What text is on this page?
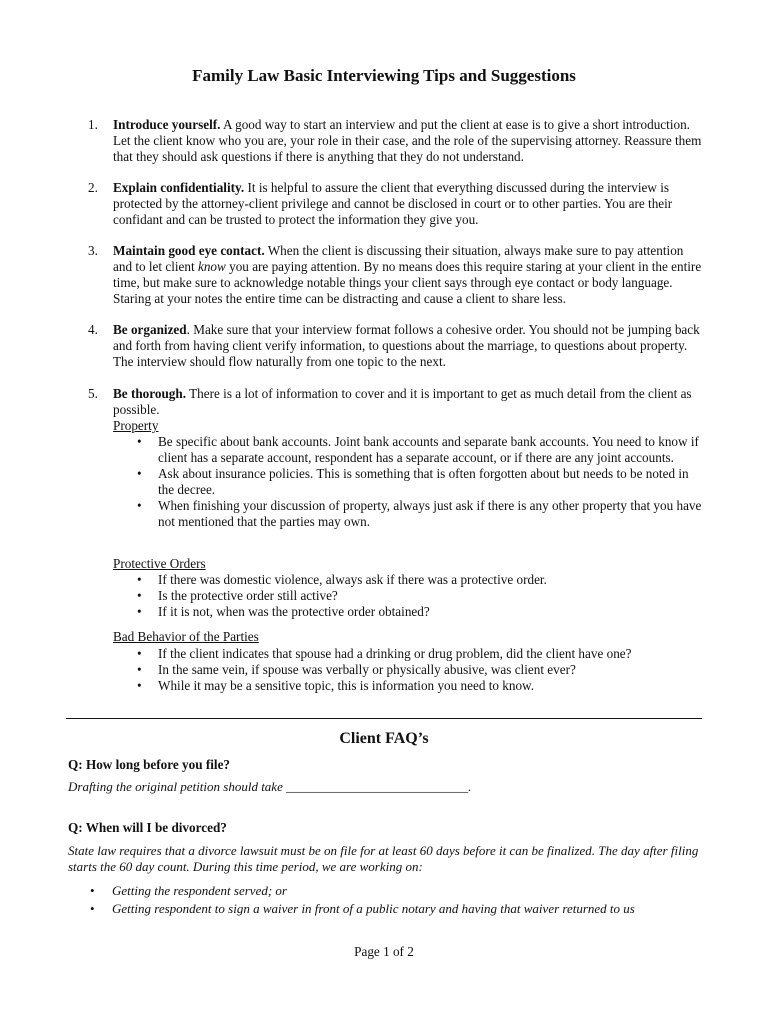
Family Law Basic Interviewing Tips and Suggestions
1. Introduce yourself. A good way to start an interview and put the client at ease is to give a short introduction. Let the client know who you are, your role in their case, and the role of the supervising attorney. Reassure them that they should ask questions if there is anything that they do not understand.
2. Explain confidentiality. It is helpful to assure the client that everything discussed during the interview is protected by the attorney-client privilege and cannot be disclosed in court or to other parties. You are their confidant and can be trusted to protect the information they give you.
3. Maintain good eye contact. When the client is discussing their situation, always make sure to pay attention and to let client know you are paying attention. By no means does this require staring at your client in the entire time, but make sure to acknowledge notable things your client says through eye contact or body language. Staring at your notes the entire time can be distracting and cause a client to share less.
4. Be organized. Make sure that your interview format follows a cohesive order. You should not be jumping back and forth from having client verify information, to questions about the marriage, to questions about property. The interview should flow naturally from one topic to the next.
5. Be thorough. There is a lot of information to cover and it is important to get as much detail from the client as possible.
Property
• Be specific about bank accounts. Joint bank accounts and separate bank accounts. You need to know if client has a separate account, respondent has a separate account, or if there are any joint accounts.
• Ask about insurance policies. This is something that is often forgotten about but needs to be noted in the decree.
• When finishing your discussion of property, always just ask if there is any other property that you have not mentioned that the parties may own.
Protective Orders
• If there was domestic violence, always ask if there was a protective order.
• Is the protective order still active?
• If it is not, when was the protective order obtained?
Bad Behavior of the Parties
• If the client indicates that spouse had a drinking or drug problem, did the client have one?
• In the same vein, if spouse was verbally or physically abusive, was client ever?
• While it may be a sensitive topic, this is information you need to know.
Client FAQ’s
Q: How long before you file?
Drafting the original petition should take ____________________________.
Q: When will I be divorced?
State law requires that a divorce lawsuit must be on file for at least 60 days before it can be finalized. The day after filing starts the 60 day count. During this time period, we are working on:
• Getting the respondent served; or
• Getting respondent to sign a waiver in front of a public notary and having that waiver returned to us
Page 1 of 2
